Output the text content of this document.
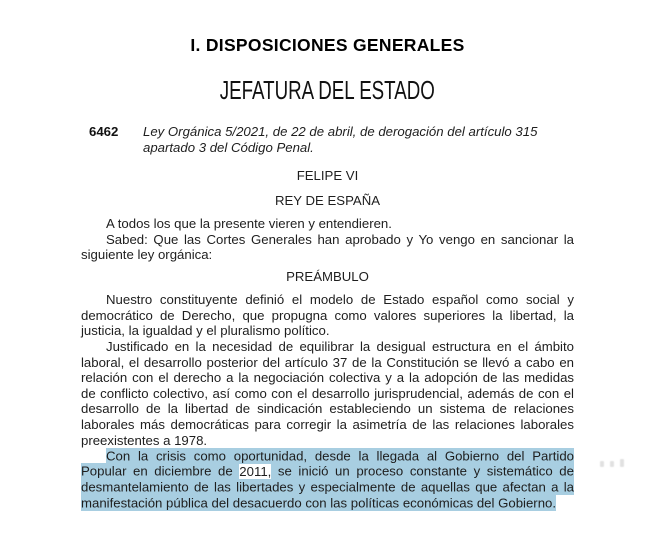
I. DISPOSICIONES GENERALES
JEFATURA DEL ESTADO
6462	Ley Orgánica 5/2021, de 22 de abril, de derogación del artículo 315 apartado 3 del Código Penal.

FELIPE VI

REY DE ESPAÑA

A todos los que la presente vieren y entendieren.

Sabed: Que las Cortes Generales han aprobado y Yo vengo en sancionar la siguiente ley orgánica:

PREÁMBULO

Nuestro constituyente definió el modelo de Estado español como social y democrático de Derecho, que propugna como valores superiores la libertad, la justicia, la igualdad y el pluralismo político.

Justificado en la necesidad de equilibrar la desigual estructura en el ámbito laboral, el desarrollo posterior del artículo 37 de la Constitución se llevó a cabo en relación con el derecho a la negociación colectiva y a la adopción de las medidas de conflicto colectivo, así como con el desarrollo jurisprudencial, además de con el desarrollo de la libertad de sindicación estableciendo un sistema de relaciones laborales más democráticas para corregir la asimetría de las relaciones laborales preexistentes a 1978.

Con la crisis como oportunidad, desde la llegada al Gobierno del Partido Popular en diciembre de 2011, se inició un proceso constante y sistemático de desmantelamiento de las libertades y especialmente de aquellas que afectan a la manifestación pública del desacuerdo con las políticas económicas del Gobierno.
